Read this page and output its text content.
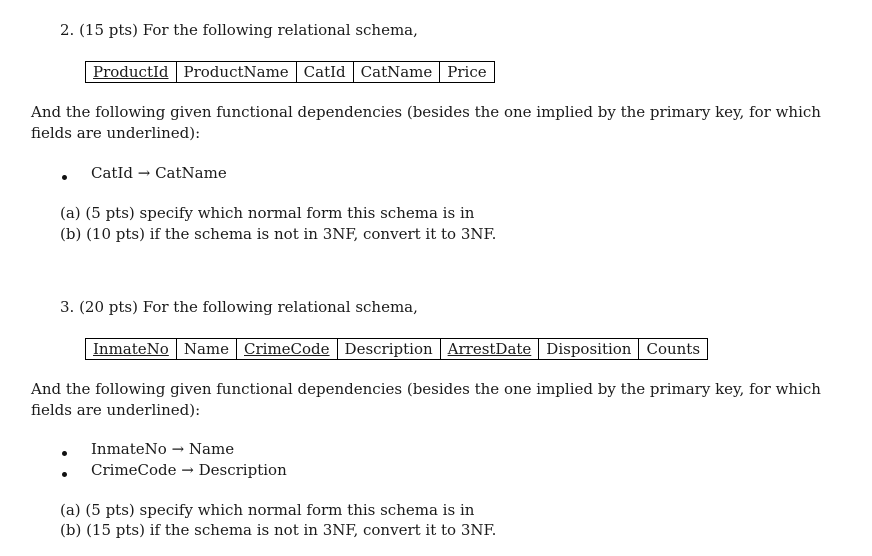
2. (15 pts) For the following relational schema,
ProductId	ProductName	CatId	CatName	Price
And the following given functional dependencies (besides the one implied by the primary key, for which fields are underlined):
CatId → CatName
(a) (5 pts) specify which normal form this schema is in
(b) (10 pts) if the schema is not in 3NF, convert it to 3NF.
3. (20 pts) For the following relational schema,
InmateNo	Name	CrimeCode	Description	ArrestDate	Disposition	Counts
And the following given functional dependencies (besides the one implied by the primary key, for which fields are underlined):
InmateNo → Name
CrimeCode → Description
(a) (5 pts) specify which normal form this schema is in
(b) (15 pts) if the schema is not in 3NF, convert it to 3NF.
